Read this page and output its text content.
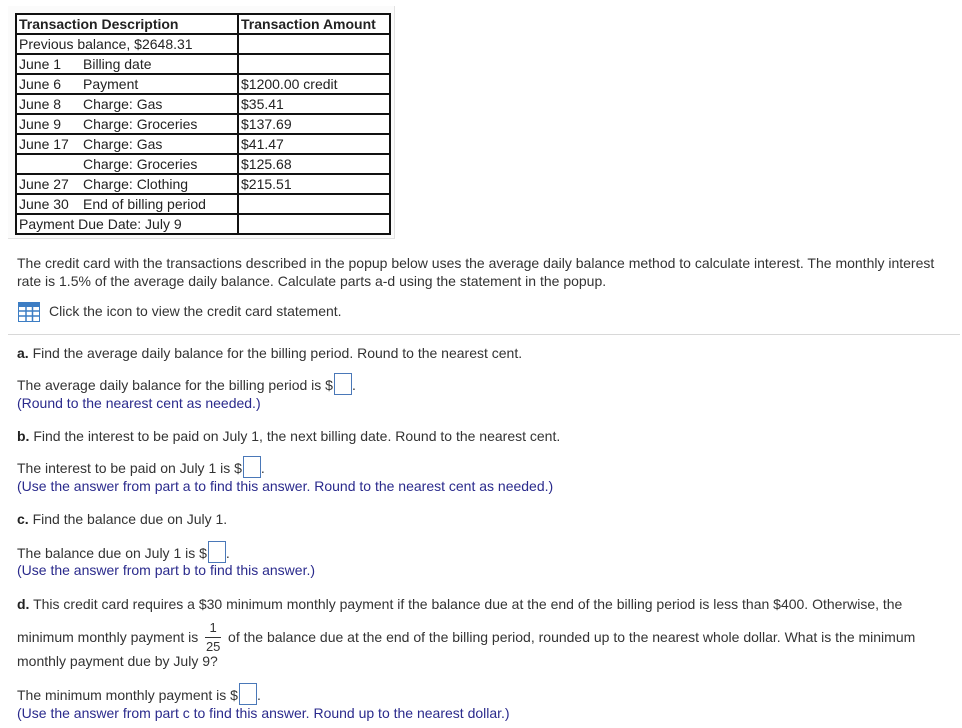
Transaction Description	Transaction Amount
Previous balance, $2648.31	
June 1 Billing date	
June 6 Payment	$1200.00 credit
June 8 Charge: Gas	$35.41
June 9 Charge: Groceries	$137.69
June 17 Charge: Gas	$41.47
Charge: Groceries	$125.68
June 27 Charge: Clothing	$215.51
June 30 End of billing period	
Payment Due Date: July 9	
The credit card with the transactions described in the popup below uses the average daily balance method to calculate interest. The monthly interest rate is 1.5% of the average daily balance. Calculate parts a-d using the statement in the popup.
Click the icon to view the credit card statement.
a. Find the average daily balance for the billing period. Round to the nearest cent.
The average daily balance for the billing period is $ .
(Round to the nearest cent as needed.)
b. Find the interest to be paid on July 1, the next billing date. Round to the nearest cent.
The interest to be paid on July 1 is $ .
(Use the answer from part a to find this answer. Round to the nearest cent as needed.)
c. Find the balance due on July 1.
The balance due on July 1 is $ .
(Use the answer from part b to find this answer.)
d. This credit card requires a $30 minimum monthly payment if the balance due at the end of the billing period is less than $400. Otherwise, the
minimum monthly payment is $\frac{1}{25}$ of the balance due at the end of the billing period, rounded up to the nearest whole dollar. What is the minimum
monthly payment due by July 9?
The minimum monthly payment is $ .
(Use the answer from part c to find this answer. Round up to the nearest dollar.)
